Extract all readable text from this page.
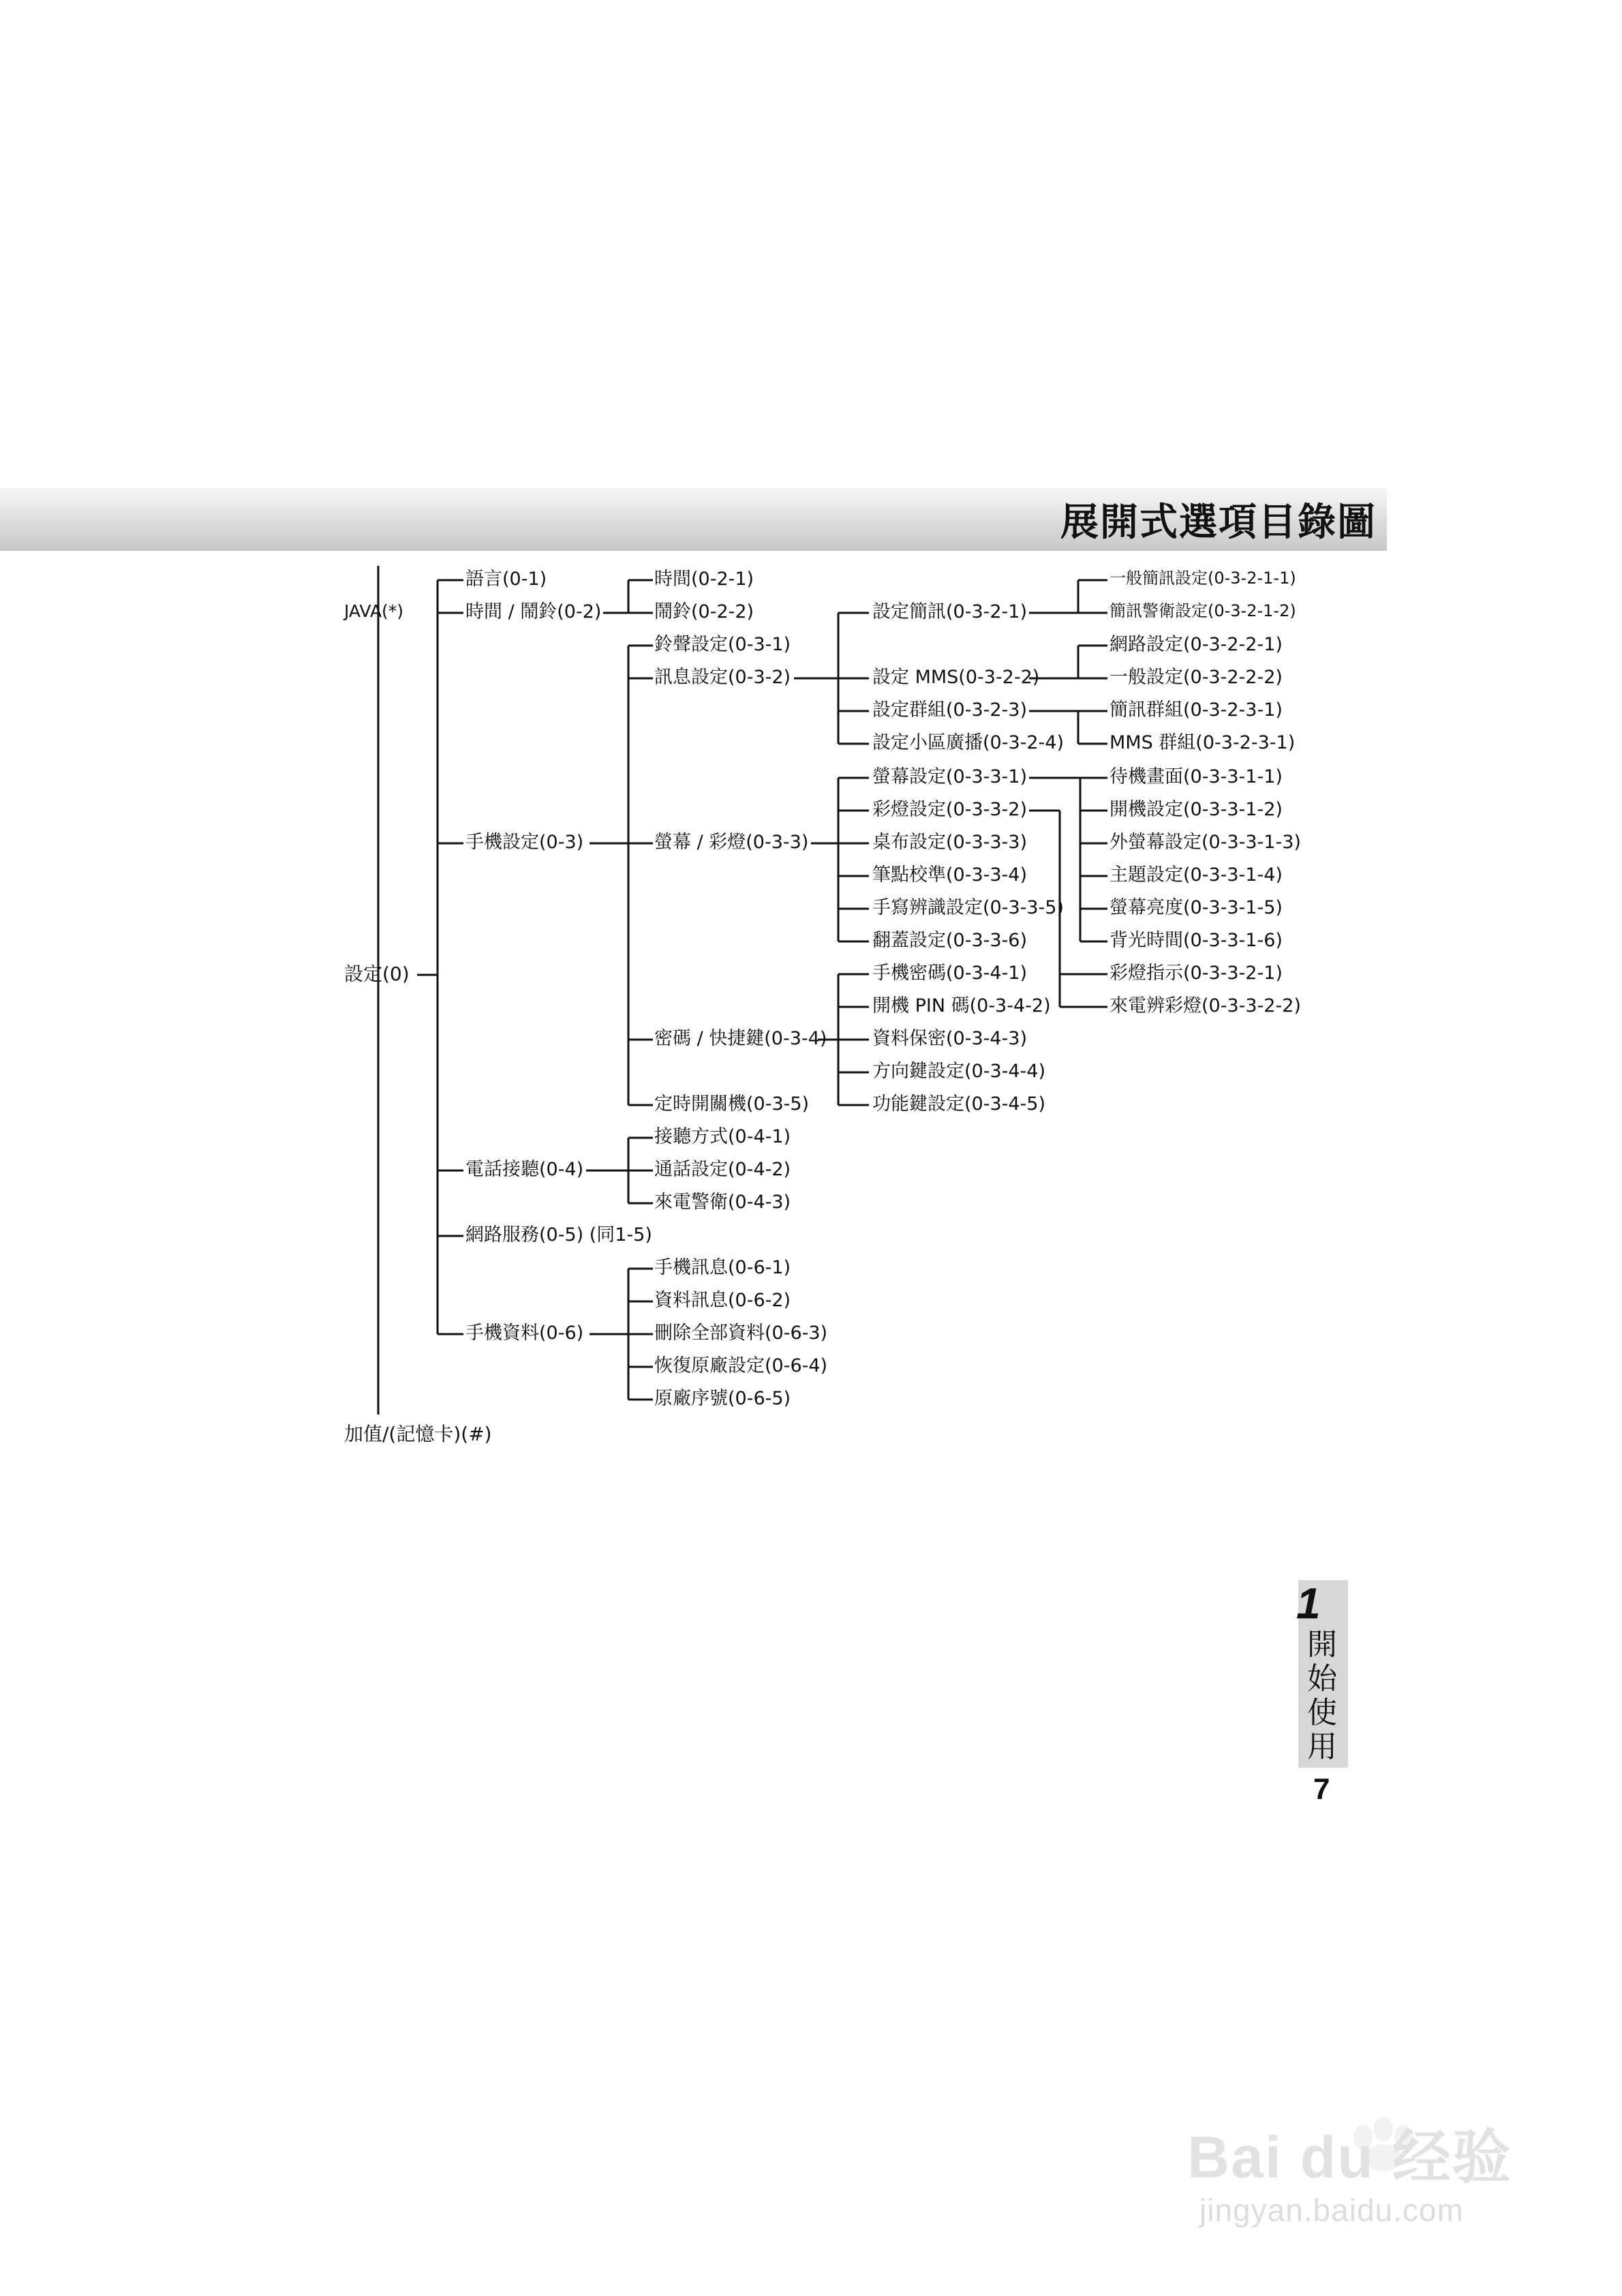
展開式選項目錄圖
JAVA(*)
設定(0)
加值/(記憶卡)(#)
語言(0-1)
時間 / 鬧鈴(0-2)
手機設定(0-3)
電話接聽(0-4)
網路服務(0-5) (同1-5)
手機資料(0-6)
時間(0-2-1)
鬧鈴(0-2-2)
鈴聲設定(0-3-1)
訊息設定(0-3-2)
螢幕 / 彩燈(0-3-3)
密碼 / 快捷鍵(0-3-4)
定時開關機(0-3-5)
接聽方式(0-4-1)
通話設定(0-4-2)
來電警衛(0-4-3)
手機訊息(0-6-1)
資料訊息(0-6-2)
刪除全部資料(0-6-3)
恢復原廠設定(0-6-4)
原廠序號(0-6-5)
設定簡訊(0-3-2-1)
設定 MMS(0-3-2-2)
設定群組(0-3-2-3)
設定小區廣播(0-3-2-4)
螢幕設定(0-3-3-1)
彩燈設定(0-3-3-2)
桌布設定(0-3-3-3)
筆點校準(0-3-3-4)
手寫辨識設定(0-3-3-5)
翻蓋設定(0-3-3-6)
手機密碼(0-3-4-1)
開機 PIN 碼(0-3-4-2)
資料保密(0-3-4-3)
方向鍵設定(0-3-4-4)
功能鍵設定(0-3-4-5)
一般簡訊設定(0-3-2-1-1)
簡訊警衛設定(0-3-2-1-2)
網路設定(0-3-2-2-1)
一般設定(0-3-2-2-2)
簡訊群組(0-3-2-3-1)
MMS 群組(0-3-2-3-1)
待機畫面(0-3-3-1-1)
開機設定(0-3-3-1-2)
外螢幕設定(0-3-3-1-3)
主題設定(0-3-3-1-4)
螢幕亮度(0-3-3-1-5)
背光時間(0-3-3-1-6)
彩燈指示(0-3-3-2-1)
來電辨彩燈(0-3-3-2-2)
1
開始使用
7
Bai du 经验
jingyan.baidu.com
